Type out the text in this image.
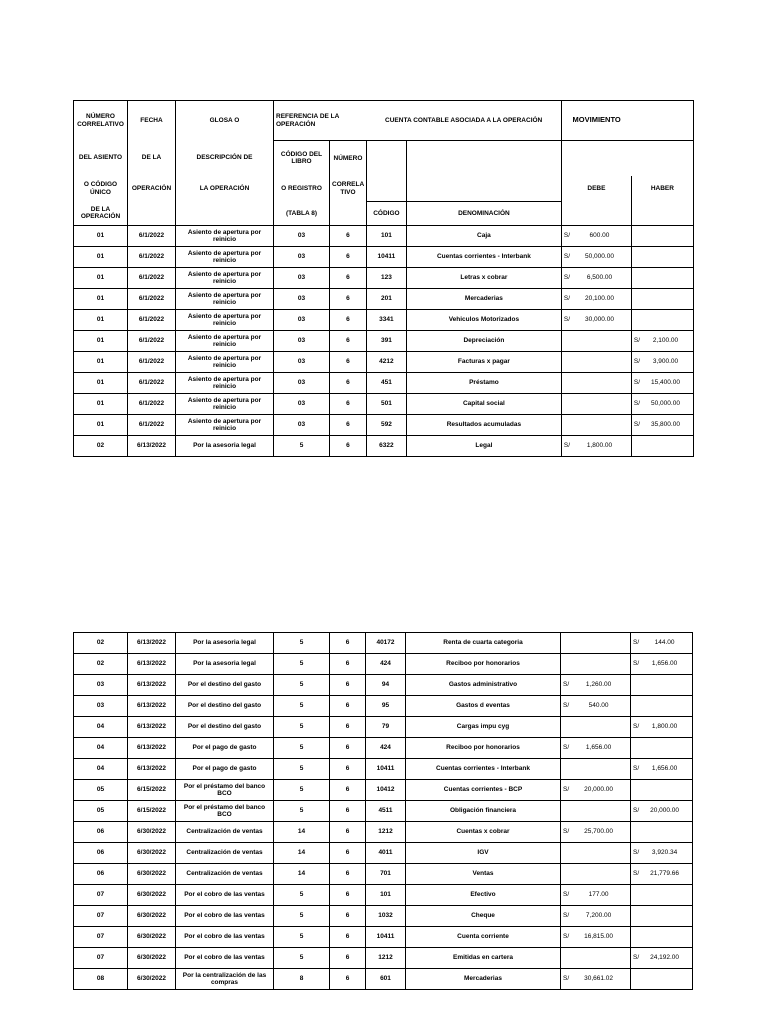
NÚMERO CORRELATIVO	FECHA	GLOSA O	REFERENCIA DE LA OPERACIÓN		CUENTA CONTABLE ASOCIADA A LA OPERACIÓN		MOVIMIENTO	
DEL ASIENTO	DE LA	DESCRIPCIÓN DE	CÓDIGO DEL LIBRO	NÚMERO				
O CÓDIGO ÚNICO	OPERACIÓN	LA OPERACIÓN	O REGISTRO	CORRELA TIVO			DEBE	HABER
DE LA OPERACIÓN			(TABLA 8)		CÓDIGO	DENOMINACIÓN		
01	6/1/2022	Asiento de apertura por reinicio	03	6	101	Caja	S/ 600.00	
01	6/1/2022	Asiento de apertura por reinicio	03	6	10411	Cuentas corrientes - Interbank	S/ 50,000.00	
01	6/1/2022	Asiento de apertura por reinicio	03	6	123	Letras x cobrar	S/ 6,500.00	
01	6/1/2022	Asiento de apertura por reinicio	03	6	201	Mercaderias	S/ 20,100.00	
01	6/1/2022	Asiento de apertura por reinicio	03	6	3341	Vehiculos Motorizados	S/ 30,000.00	
01	6/1/2022	Asiento de apertura por reinicio	03	6	391	Depreciación		S/ 2,100.00
01	6/1/2022	Asiento de apertura por reinicio	03	6	4212	Facturas x pagar		S/ 3,900.00
01	6/1/2022	Asiento de apertura por reinicio	03	6	451	Préstamo		S/ 15,400.00
01	6/1/2022	Asiento de apertura por reinicio	03	6	501	Capital social		S/ 50,000.00
01	6/1/2022	Asiento de apertura por reinicio	03	6	592	Resultados acumuladas		S/ 35,800.00
02	6/13/2022	Por la asesoria legal	5	6	6322	Legal	S/ 1,800.00	
02	6/13/2022	Por la asesoria legal	5	6	40172	Renta de cuarta categoria		S/ 144.00
02	6/13/2022	Por la asesoria legal	5	6	424	Reciboo por honorarios		S/ 1,656.00
03	6/13/2022	Por el destino del gasto	5	6	94	Gastos administrativo	S/ 1,260.00	
03	6/13/2022	Por el destino del gasto	5	6	95	Gastos d eventas	S/ 540.00	
04	6/13/2022	Por el destino del gasto	5	6	79	Cargas impu cyg		S/ 1,800.00
04	6/13/2022	Por el pago de gasto	5	6	424	Reciboo por honorarios	S/ 1,656.00	
04	6/13/2022	Por el pago de gasto	5	6	10411	Cuentas corrientes - Interbank		S/ 1,656.00
05	6/15/2022	Por el préstamo del banco BCO	5	6	10412	Cuentas corrientes - BCP	S/ 20,000.00	
05	6/15/2022	Por el préstamo del banco BCO	5	6	4511	Obligación financiera		S/ 20,000.00
06	6/30/2022	Centralización de ventas	14	6	1212	Cuentas x cobrar	S/ 25,700.00	
06	6/30/2022	Centralización de ventas	14	6	4011	IGV		S/ 3,920.34
06	6/30/2022	Centralización de ventas	14	6	701	Ventas		S/ 21,779.66
07	6/30/2022	Por el cobro de las ventas	5	6	101	Efectivo	S/ 177.00	
07	6/30/2022	Por el cobro de las ventas	5	6	1032	Cheque	S/ 7,200.00	
07	6/30/2022	Por el cobro de las ventas	5	6	10411	Cuenta corriente	S/ 16,815.00	
07	6/30/2022	Por el cobro de las ventas	5	6	1212	Emitidas en cartera		S/ 24,192.00
08	6/30/2022	Por la centralización de las compras	8	6	601	Mercaderias	S/ 30,661.02	
